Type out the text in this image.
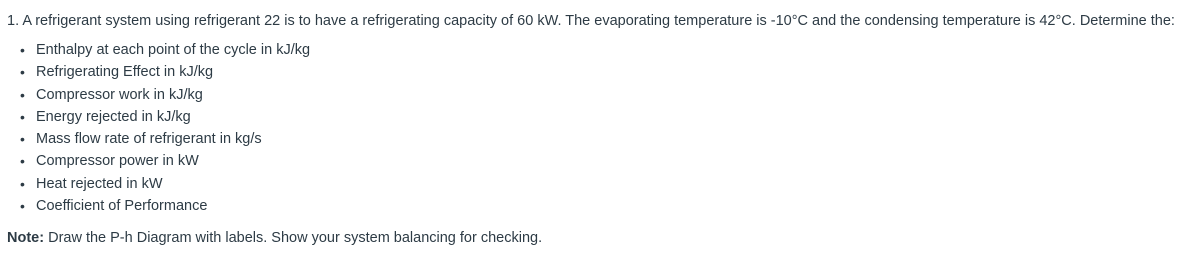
1. A refrigerant system using refrigerant 22 is to have a refrigerating capacity of 60 kW. The evaporating temperature is -10°C and the condensing temperature is 42°C. Determine the:

• Enthalpy at each point of the cycle in kJ/kg
• Refrigerating Effect in kJ/kg
• Compressor work in kJ/kg
• Energy rejected in kJ/kg
• Mass flow rate of refrigerant in kg/s
• Compressor power in kW
• Heat rejected in kW
• Coefficient of Performance

Note: Draw the P-h Diagram with labels. Show your system balancing for checking.
